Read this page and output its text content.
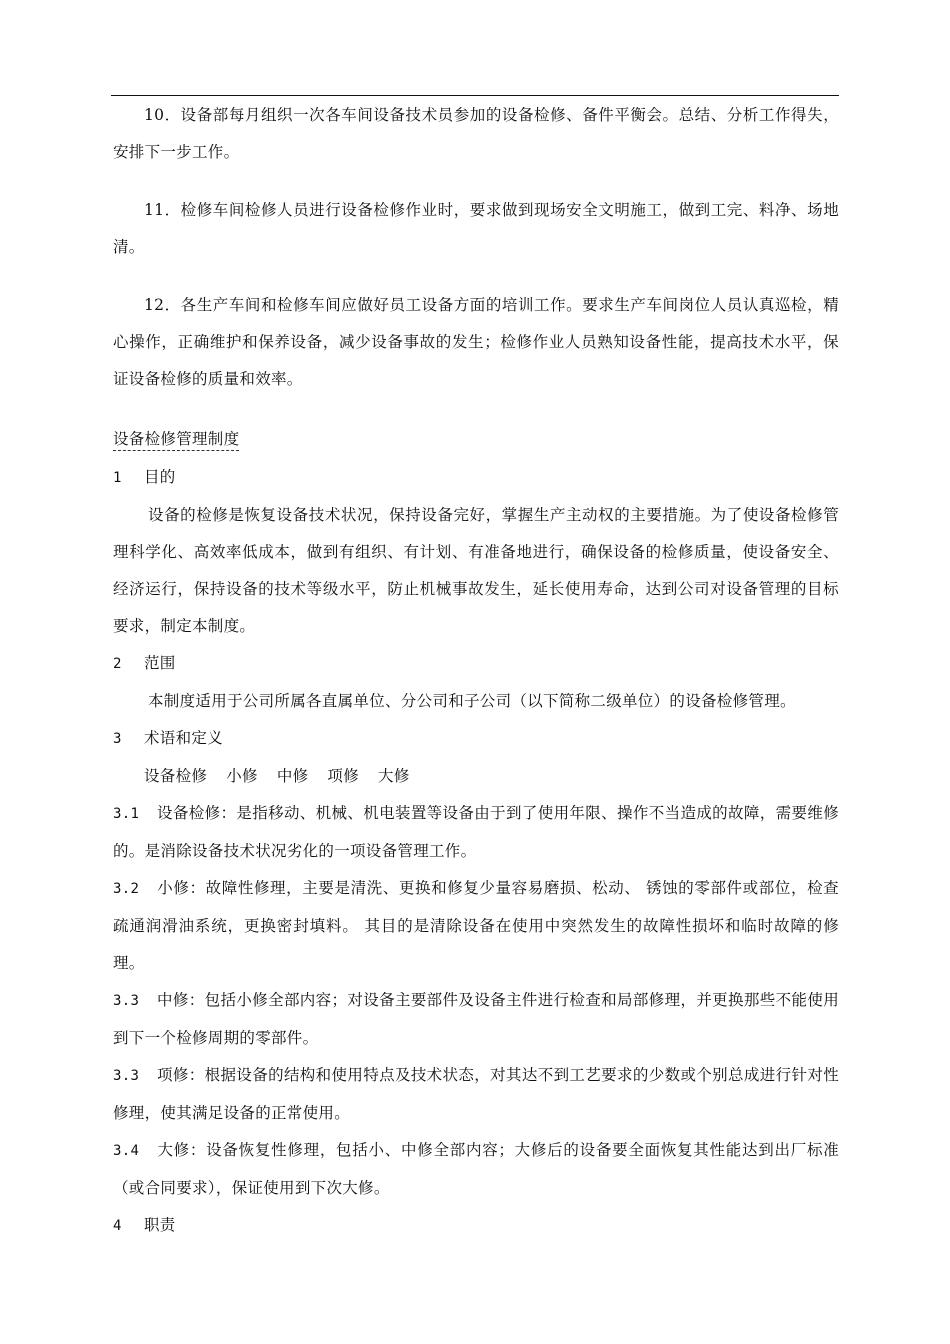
10．设备部每月组织一次各车间设备技术员参加的设备检修、备件平衡会。总结、分析工作得失，安排下一步工作。

11．检修车间检修人员进行设备检修作业时，要求做到现场安全文明施工，做到工完、料净、场地清。

12．各生产车间和检修车间应做好员工设备方面的培训工作。要求生产车间岗位人员认真巡检，精心操作，正确维护和保养设备，减少设备事故的发生；检修作业人员熟知设备性能，提高技术水平，保证设备检修的质量和效率。

设备检修管理制度

1 目的

设备的检修是恢复设备技术状况，保持设备完好，掌握生产主动权的主要措施。为了使设备检修管理科学化、高效率低成本，做到有组织、有计划、有准备地进行，确保设备的检修质量，使设备安全、经济运行，保持设备的技术等级水平，防止机械事故发生，延长使用寿命，达到公司对设备管理的目标要求，制定本制度。

2 范围

本制度适用于公司所属各直属单位、分公司和子公司（以下简称二级单位）的设备检修管理。

3 术语和定义

设备检修 小修 中修 项修 大修

3.1 设备检修：是指移动、机械、机电装置等设备由于到了使用年限、操作不当造成的故障，需要维修的。是消除设备技术状况劣化的一项设备管理工作。

3.2 小修：故障性修理，主要是清洗、更换和修复少量容易磨损、松动、 锈蚀的零部件或部位，检查疏通润滑油系统，更换密封填料。 其目的是清除设备在使用中突然发生的故障性损坏和临时故障的修理。

3.3 中修：包括小修全部内容；对设备主要部件及设备主件进行检查和局部修理，并更换那些不能使用到下一个检修周期的零部件。

3.3 项修：根据设备的结构和使用特点及技术状态，对其达不到工艺要求的少数或个别总成进行针对性修理，使其满足设备的正常使用。

3.4 大修：设备恢复性修理，包括小、中修全部内容；大修后的设备要全面恢复其性能达到出厂标准（或合同要求），保证使用到下次大修。

4 职责
